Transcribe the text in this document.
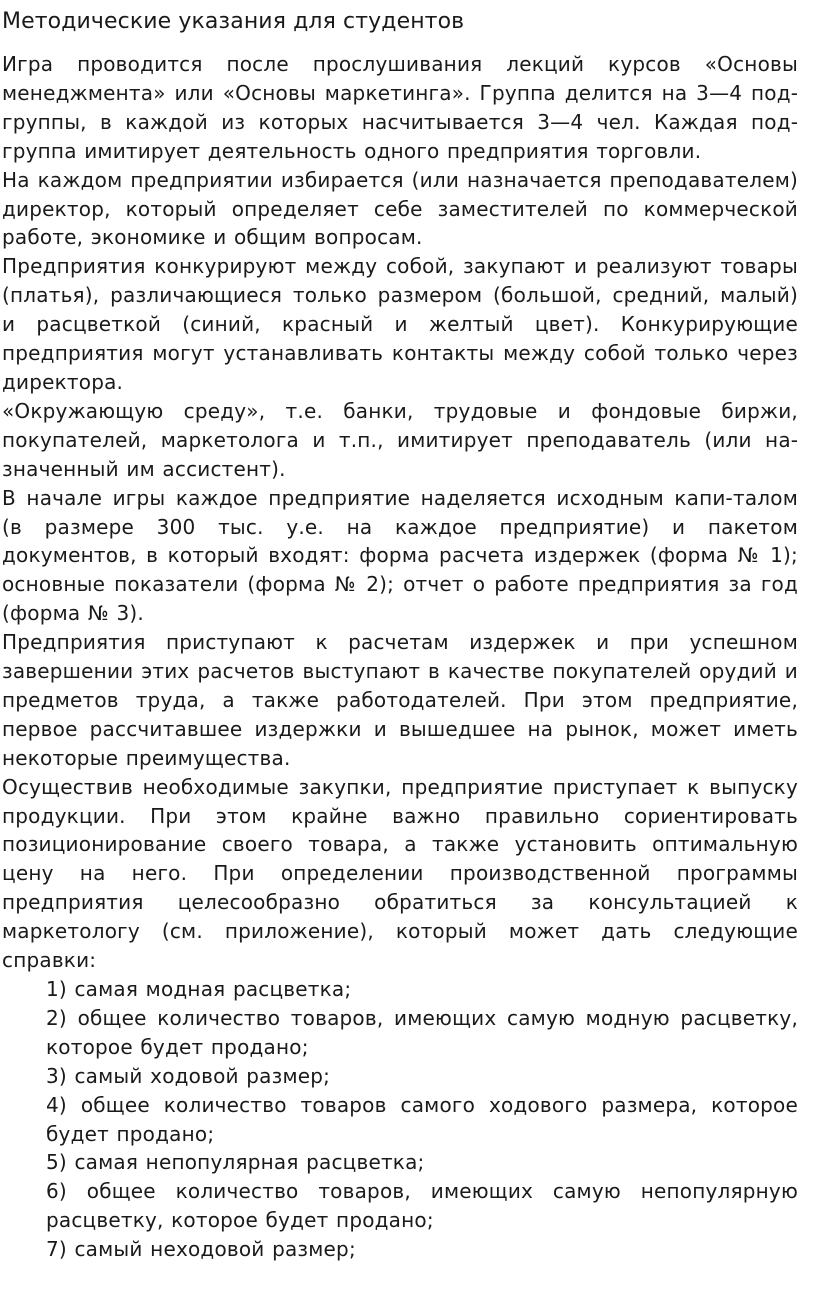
Методические указания для студентов

Игра проводится после прослушивания лекций курсов «Основы менеджмента» или «Основы маркетинга». Группа делится на 3—4 подгруппы, в каждой из которых насчитывается 3—4 чел. Каждая подгруппа имитирует деятельность одного предприятия торговли.

На каждом предприятии избирается (или назначается преподавателем) директор, который определяет себе заместителей по коммерческой работе, экономике и общим вопросам.

Предприятия конкурируют между собой, закупают и реализуют товары (платья), различающиеся только размером (большой, средний, малый) и расцветкой (синий, красный и желтый цвет). Конкурирующие предприятия могут устанавливать контакты между собой только через директора.

«Окружающую среду», т.е. банки, трудовые и фондовые биржи, покупателей, маркетолога и т.п., имитирует преподаватель (или назначенный им ассистент).

В начале игры каждое предприятие наделяется исходным капи-талом (в размере 300 тыс. у.е. на каждое предприятие) и пакетом документов, в который входят: форма расчета издержек (форма № 1); основные показатели (форма № 2); отчет о работе предприятия за год (форма № 3).

Предприятия приступают к расчетам издержек и при успешном завершении этих расчетов выступают в качестве покупателей орудий и предметов труда, а также работодателей. При этом предприятие, первое рассчитавшее издержки и вышедшее на рынок, может иметь некоторые преимущества.

Осуществив необходимые закупки, предприятие приступает к выпуску продукции. При этом крайне важно правильно сориентировать позиционирование своего товара, а также установить оптимальную цену на него. При определении производственной программы предприятия целесообразно обратиться за консультацией к маркетологу (см. приложение), который может дать следующие справки:

1) самая модная расцветка;
2) общее количество товаров, имеющих самую модную расцветку, которое будет продано;
3) самый ходовой размер;
4) общее количество товаров самого ходового размера, которое будет продано;
5) самая непопулярная расцветка;
6) общее количество товаров, имеющих самую непопулярную расцветку, которое будет продано;
7) самый неходовой размер;
